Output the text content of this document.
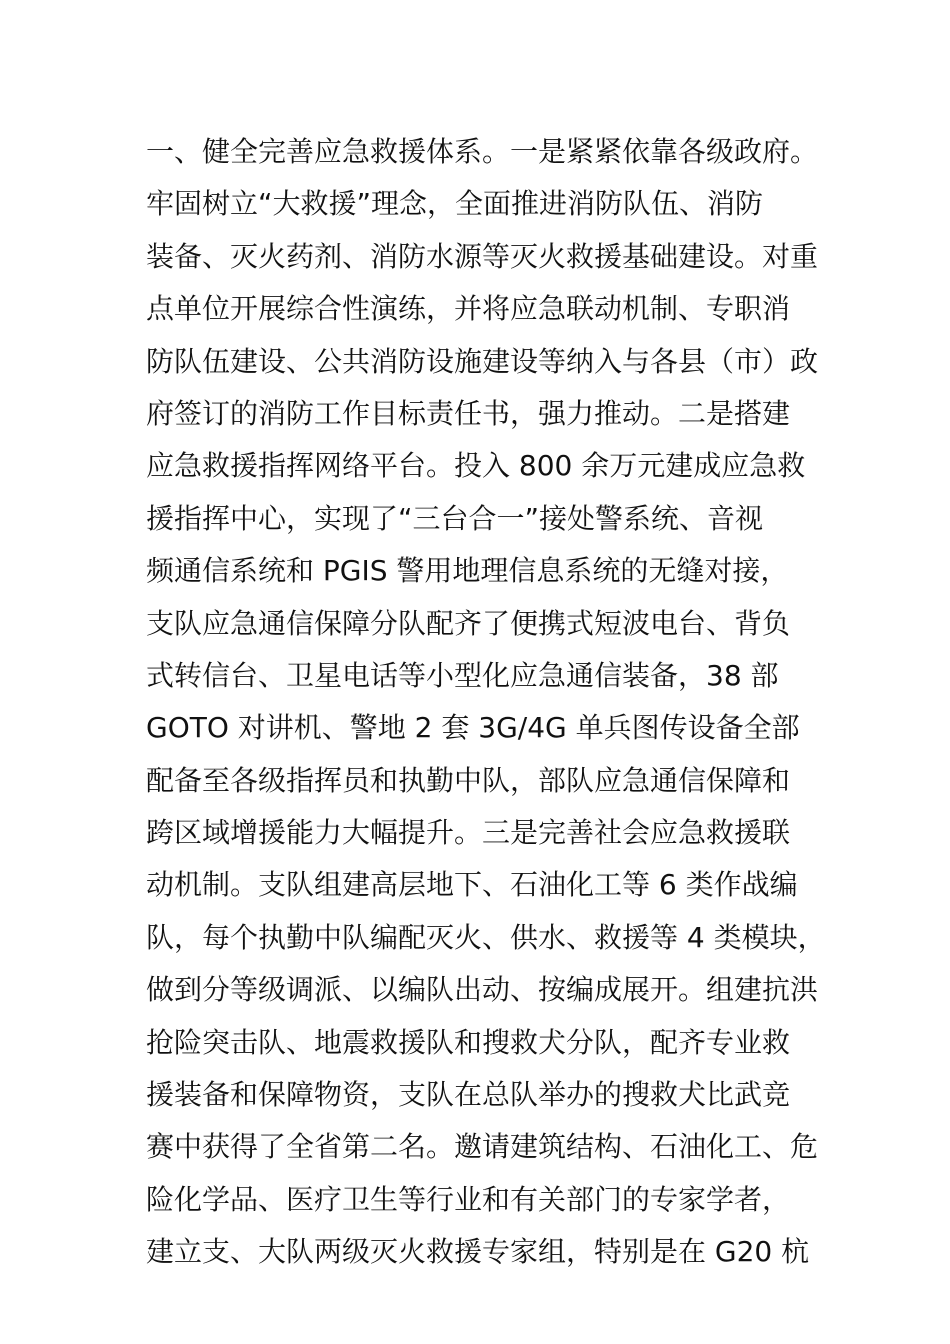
一、健全完善应急救援体系。一是紧紧依靠各级政府。
牢固树立“大救援”理念，全面推进消防队伍、消防
装备、灭火药剂、消防水源等灭火救援基础建设。对重
点单位开展综合性演练，并将应急联动机制、专职消
防队伍建设、公共消防设施建设等纳入与各县（市）政
府签订的消防工作目标责任书，强力推动。二是搭建
应急救援指挥网络平台。投入 800 余万元建成应急救
援指挥中心，实现了“三台合一”接处警系统、音视
频通信系统和 PGIS 警用地理信息系统的无缝对接，
支队应急通信保障分队配齐了便携式短波电台、背负
式转信台、卫星电话等小型化应急通信装备，38 部
GOTO 对讲机、警地 2 套 3G/4G 单兵图传设备全部
配备至各级指挥员和执勤中队，部队应急通信保障和
跨区域增援能力大幅提升。三是完善社会应急救援联
动机制。支队组建高层地下、石油化工等 6 类作战编
队，每个执勤中队编配灭火、供水、救援等 4 类模块，
做到分等级调派、以编队出动、按编成展开。组建抗洪
抢险突击队、地震救援队和搜救犬分队，配齐专业救
援装备和保障物资，支队在总队举办的搜救犬比武竞
赛中获得了全省第二名。邀请建筑结构、石油化工、危
险化学品、医疗卫生等行业和有关部门的专家学者，
建立支、大队两级灭火救援专家组，特别是在 G20 杭
